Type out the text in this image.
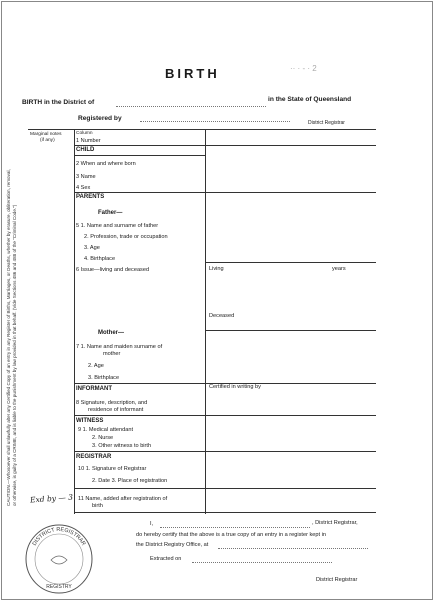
BIRTH	·· · ‐ · 2
BIRTH in the District of	in the State of Queensland
Registered by
District Registrar
Marginal notes
(if any)
Column
1 Number
CHILD
2 When and where born
3 Name
4 Sex
PARENTS
Father—
5 1. Name and surname of father
2. Profession, trade or occupation
3. Age
4. Birthplace
6 Issue—living and deceased	Living	years
Deceased
Mother—
7 1. Name and maiden surname of
mother
2. Age
3. Birthplace
INFORMANT	Certified in writing by
8 Signature, description, and
residence of informant
WITNESS
9 1. Medical attendant
2. Nurse
3. Other witness to birth
REGISTRAR
10 1. Signature of Registrar
2. Date 3. Place of registration
11 Name, added after registration of
birth
Exd by — 3
I,	, District Registrar,
do hereby certify that the above is a true copy of an entry in a register kept in
the District Registry Office, at
Extracted on
District Registrar
CAUTION.—Whosoever shall unlawfully alter any Certified Copy of an entry in any Register of Births, Marriages, or Deaths, whether by erasure, obliteration, removal, or otherwise, is guilty of a CRIME, and is liable to the punishment by law provided in that behalf. (Vide Sections 486 and 488 of the “Criminal Code.”)
DISTRICT REGISTRAR
REGISTRY
